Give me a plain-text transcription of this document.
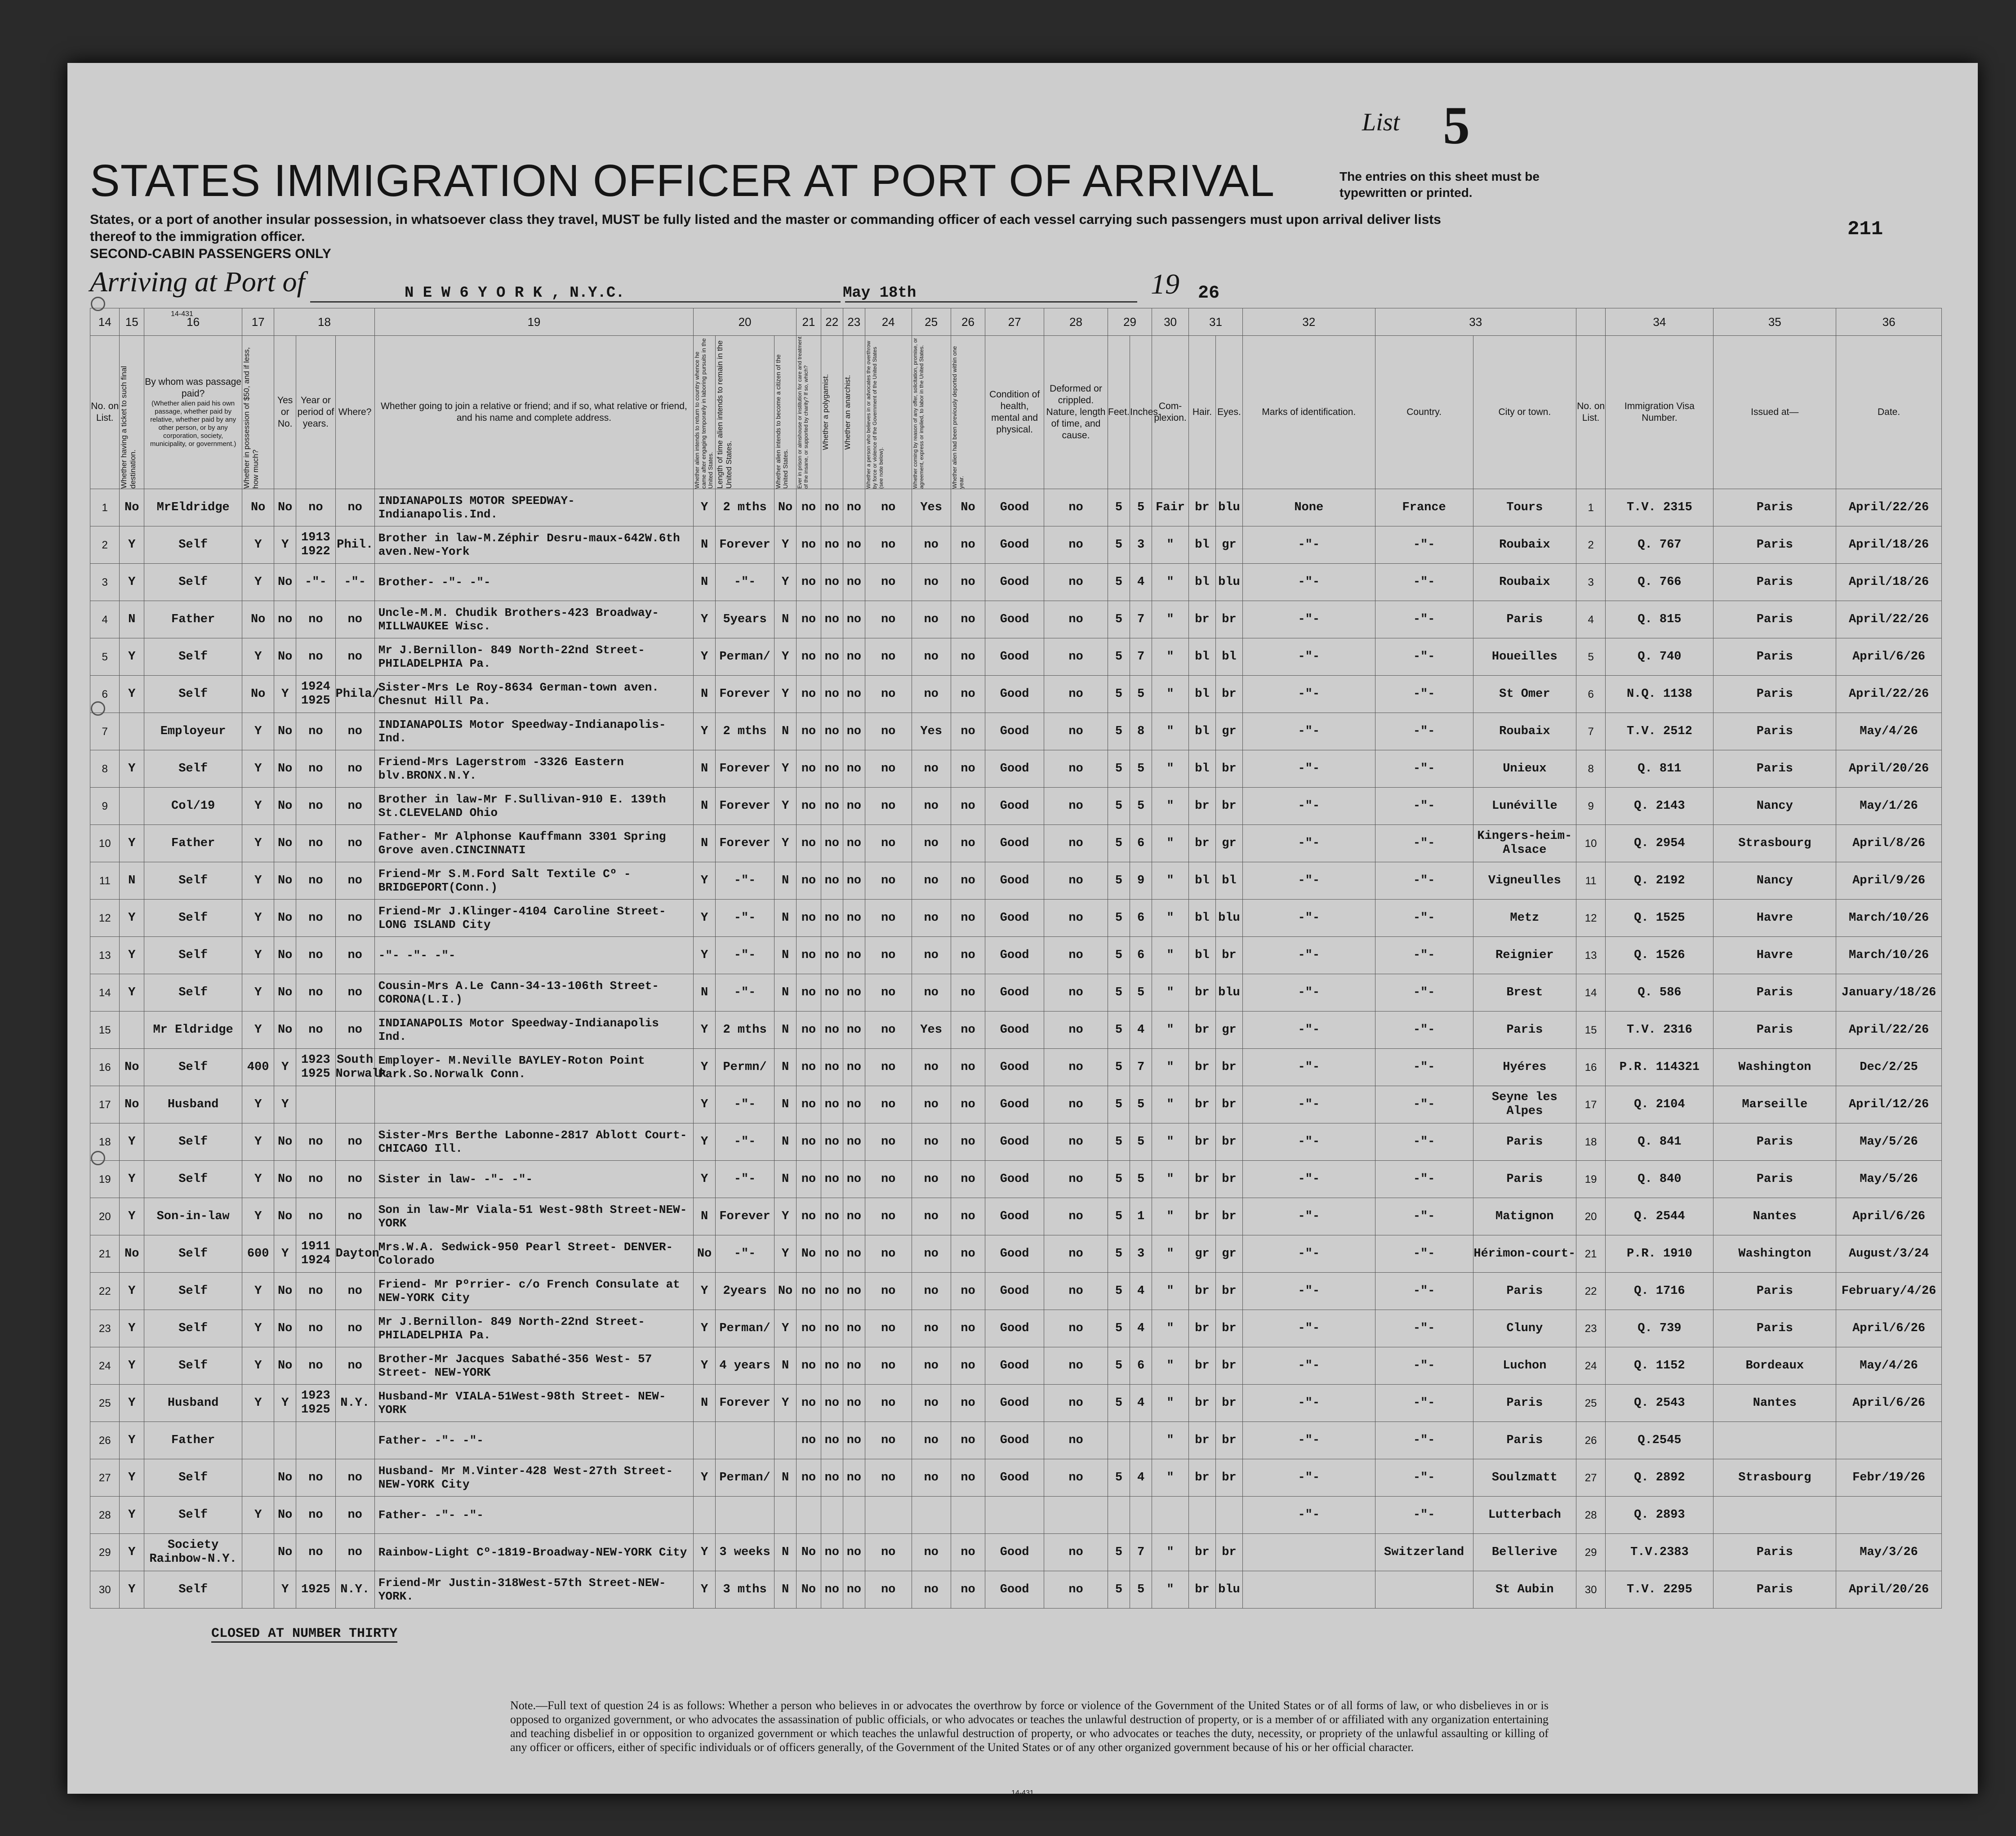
List 5
STATES IMMIGRATION OFFICER AT PORT OF ARRIVAL	The entries on this sheet must be typewritten or printed.
States, or a port of another insular possession, in whatsoever class they travel, MUST be fully listed and the master or commanding officer of each vessel carrying such passengers must upon arrival deliver lists thereof to the immigration officer.
SECOND-CABIN PASSENGERS ONLY
211
Arriving at Port of	N E W 6 Y O R K , N.Y.C.	May 18th	19 26
14-431
14	15	16	17	18			19	20			21	22	23	24	25	26	27	28	29		30	31		32	33			34	35	36
No. on List.	Whether having a ticket to such final destination.	By whom was passage paid?
(Whether alien paid his own passage, whether paid by relative, whether paid by any other person, or by any corporation, society, municipality, or government.)	Whether in possession of $50, and if less, how much?	Yes or No.	Year or period of years.	Where?	Whether going to join a relative or friend; and if so, what relative or friend, and his name and complete address.	Whether alien intends to return to country whence he came after engaging temporarily in laboring pursuits in the United States.	Length of time alien intends to remain in the United States.	Whether alien intends to become a citizen of the United States.	Ever in prison or almshouse or institution for care and treatment of the insane, or supported by charity? If so, which?	Whether a polygamist.	Whether an anarchist.	Whether a person who believes in or advocates the overthrow by force or violence of the Government of the United States (see note below).	Whether coming by reason of any offer, solicitation, promise, or agreement, express or implied, to labor in the United States.	Whether alien had been previously deported within one year.	Condition of health, mental and physical.	Deformed or crippled. Nature, length of time, and cause.	Feet.	Inches.	Com-plexion.	Hair.	Eyes.	Marks of identification.	Country.	City or town.	No. on List.	Immigration Visa Number.	Issued at—	Date.
1	No	MrEldridge	No	No	no	no	INDIANAPOLIS MOTOR SPEEDWAY- Indianapolis.Ind.	Y	2 mths	No	no	no	no	no	Yes	No	Good	no	5	5	Fair	br	blu	None	France	Tours	1	T.V. 2315	Paris	April/22/26
2	Y	Self	Y	Y	1913
1922	Phil.	Brother in law-M.Zéphir Desru-maux-642W.6th aven.New-York	N	Forever	Y	no	no	no	no	no	no	Good	no	5	3	"	bl	gr	-"-	-"-	Roubaix	2	Q. 767	Paris	April/18/26
3	Y	Self	Y	No	-"-	-"-	Brother- -"- -"-	N	-"-	Y	no	no	no	no	no	no	Good	no	5	4	"	bl	blu	-"-	-"-	Roubaix	3	Q. 766	Paris	April/18/26
4	N	Father	No	no	no	no	Uncle-M.M. Chudik Brothers-423 Broadway-MILLWAUKEE Wisc.	Y	5years	N	no	no	no	no	no	no	Good	no	5	7	"	br	br	-"-	-"-	Paris	4	Q. 815	Paris	April/22/26
5	Y	Self	Y	No	no	no	Mr J.Bernillon- 849 North-22nd Street- PHILADELPHIA Pa.	Y	Perman/	Y	no	no	no	no	no	no	Good	no	5	7	"	bl	bl	-"-	-"-	Houeilles	5	Q. 740	Paris	April/6/26
6	Y	Self	No	Y	1924
1925	Phila/	Sister-Mrs Le Roy-8634 German-town aven. Chesnut Hill Pa.	N	Forever	Y	no	no	no	no	no	no	Good	no	5	5	"	bl	br	-"-	-"-	St Omer	6	N.Q. 1138	Paris	April/22/26
7		Employeur	Y	No	no	no	INDIANAPOLIS Motor Speedway-Indianapolis-Ind.	Y	2 mths	N	no	no	no	no	Yes	no	Good	no	5	8	"	bl	gr	-"-	-"-	Roubaix	7	T.V. 2512	Paris	May/4/26
8	Y	Self	Y	No	no	no	Friend-Mrs Lagerstrom -3326 Eastern blv.BRONX.N.Y.	N	Forever	Y	no	no	no	no	no	no	Good	no	5	5	"	bl	br	-"-	-"-	Unieux	8	Q. 811	Paris	April/20/26
9		Col/19	Y	No	no	no	Brother in law-Mr F.Sullivan-910 E. 139th St.CLEVELAND Ohio	N	Forever	Y	no	no	no	no	no	no	Good	no	5	5	"	br	br	-"-	-"-	Lunéville	9	Q. 2143	Nancy	May/1/26
10	Y	Father	Y	No	no	no	Father- Mr Alphonse Kauffmann 3301 Spring Grove aven.CINCINNATI	N	Forever	Y	no	no	no	no	no	no	Good	no	5	6	"	br	gr	-"-	-"-	Kingers-heim-Alsace	10	Q. 2954	Strasbourg	April/8/26
11	N	Self	Y	No	no	no	Friend-Mr S.M.Ford Salt Textile Cº -BRIDGEPORT(Conn.)	Y	-"-	N	no	no	no	no	no	no	Good	no	5	9	"	bl	bl	-"-	-"-	Vigneulles	11	Q. 2192	Nancy	April/9/26
12	Y	Self	Y	No	no	no	Friend-Mr J.Klinger-4104 Caroline Street-LONG ISLAND City	Y	-"-	N	no	no	no	no	no	no	Good	no	5	6	"	bl	blu	-"-	-"-	Metz	12	Q. 1525	Havre	March/10/26
13	Y	Self	Y	No	no	no	-"- -"- -"-	Y	-"-	N	no	no	no	no	no	no	Good	no	5	6	"	bl	br	-"-	-"-	Reignier	13	Q. 1526	Havre	March/10/26
14	Y	Self	Y	No	no	no	Cousin-Mrs A.Le Cann-34-13-106th Street- CORONA(L.I.)	N	-"-	N	no	no	no	no	no	no	Good	no	5	5	"	br	blu	-"-	-"-	Brest	14	Q. 586	Paris	January/18/26
15		Mr Eldridge	Y	No	no	no	INDIANAPOLIS Motor Speedway-Indianapolis Ind.	Y	2 mths	N	no	no	no	no	Yes	no	Good	no	5	4	"	br	gr	-"-	-"-	Paris	15	T.V. 2316	Paris	April/22/26
16	No	Self	400	Y	1923
1925	South Norwalk	Employer- M.Neville BAYLEY-Roton Point Park.So.Norwalk Conn.	Y	Permn/	N	no	no	no	no	no	no	Good	no	5	7	"	br	br	-"-	-"-	Hyéres	16	P.R. 114321	Washington	Dec/2/25
17	No	Husband	Y	Y				Y	-"-	N	no	no	no	no	no	no	Good	no	5	5	"	br	br	-"-	-"-	Seyne les Alpes	17	Q. 2104	Marseille	April/12/26
18	Y	Self	Y	No	no	no	Sister-Mrs Berthe Labonne-2817 Ablott Court-CHICAGO Ill.	Y	-"-	N	no	no	no	no	no	no	Good	no	5	5	"	br	br	-"-	-"-	Paris	18	Q. 841	Paris	May/5/26
19	Y	Self	Y	No	no	no	Sister in law- -"- -"-	Y	-"-	N	no	no	no	no	no	no	Good	no	5	5	"	br	br	-"-	-"-	Paris	19	Q. 840	Paris	May/5/26
20	Y	Son-in-law	Y	No	no	no	Son in law-Mr Viala-51 West-98th Street-NEW-YORK	N	Forever	Y	no	no	no	no	no	no	Good	no	5	1	"	br	br	-"-	-"-	Matignon	20	Q. 2544	Nantes	April/6/26
21	No	Self	600	Y	1911
1924	Dayton	Mrs.W.A. Sedwick-950 Pearl Street- DENVER-Colorado	No	-"-	Y	No	no	no	no	no	no	Good	no	5	3	"	gr	gr	-"-	-"-	Hérimon-court-	21	P.R. 1910	Washington	August/3/24
22	Y	Self	Y	No	no	no	Friend- Mr Pºrrier- c/o French Consulate at NEW-YORK City	Y	2years	No	no	no	no	no	no	no	Good	no	5	4	"	br	br	-"-	-"-	Paris	22	Q. 1716	Paris	February/4/26
23	Y	Self	Y	No	no	no	Mr J.Bernillon- 849 North-22nd Street- PHILADELPHIA Pa.	Y	Perman/	Y	no	no	no	no	no	no	Good	no	5	4	"	br	br	-"-	-"-	Cluny	23	Q. 739	Paris	April/6/26
24	Y	Self	Y	No	no	no	Brother-Mr Jacques Sabathé-356 West- 57 Street- NEW-YORK	Y	4 years	N	no	no	no	no	no	no	Good	no	5	6	"	br	br	-"-	-"-	Luchon	24	Q. 1152	Bordeaux	May/4/26
25	Y	Husband	Y	Y	1923
1925	N.Y.	Husband-Mr VIALA-51West-98th Street- NEW-YORK	N	Forever	Y	no	no	no	no	no	no	Good	no	5	4	"	br	br	-"-	-"-	Paris	25	Q. 2543	Nantes	April/6/26
26	Y	Father					Father- -"- -"-				no	no	no	no	no	no	Good	no			"	br	br	-"-	-"-	Paris	26	Q.2545		
27	Y	Self		No	no	no	Husband- Mr M.Vinter-428 West-27th Street-NEW-YORK City	Y	Perman/	N	no	no	no	no	no	no	Good	no	5	4	"	br	br	-"-	-"-	Soulzmatt	27	Q. 2892	Strasbourg	Febr/19/26
28	Y	Self	Y	No	no	no	Father- -"- -"-																	-"-	-"-	Lutterbach	28	Q. 2893		
29	Y	Society Rainbow-N.Y.		No	no	no	Rainbow-Light Cº-1819-Broadway-NEW-YORK City	Y	3 weeks	N	No	no	no	no	no	no	Good	no	5	7	"	br	br		Switzerland	Bellerive	29	T.V.2383	Paris	May/3/26
30	Y	Self		Y	1925	N.Y.	Friend-Mr Justin-318West-57th Street-NEW-YORK.	Y	3 mths	N	No	no	no	no	no	no	Good	no	5	5	"	br	blu			St Aubin	30	T.V. 2295	Paris	April/20/26
CLOSED AT NUMBER THIRTY
Note.—Full text of question 24 is as follows: Whether a person who believes in or advocates the overthrow by force or violence of the Government of the United States or of all forms of law, or who disbelieves in or is opposed to organized government, or who advocates the assassination of public officials, or who advocates or teaches the unlawful destruction of property, or is a member of or affiliated with any organization entertaining and teaching disbelief in or opposition to organized government or which teaches the unlawful destruction of property, or who advocates or teaches the duty, necessity, or propriety of the unlawful assaulting or killing of any officer or officers, either of specific individuals or of officers generally, of the Government of the United States or of any other organized government because of his or her official character.
14-431
